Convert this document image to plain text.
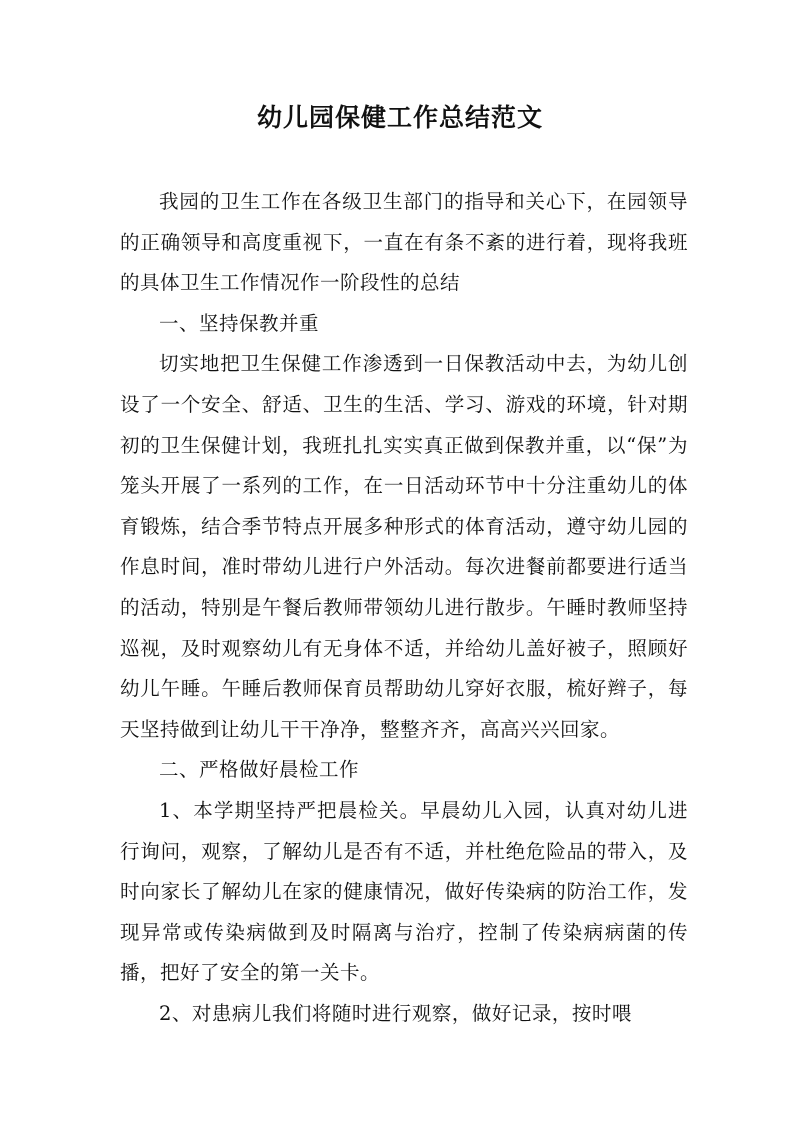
幼儿园保健工作总结范文

我园的卫生工作在各级卫生部门的指导和关心下，在园领导的正确领导和高度重视下，一直在有条不紊的进行着，现将我班的具体卫生工作情况作一阶段性的总结

一、坚持保教并重

切实地把卫生保健工作渗透到一日保教活动中去，为幼儿创设了一个安全、舒适、卫生的生活、学习、游戏的环境，针对期初的卫生保健计划，我班扎扎实实真正做到保教并重，以“保”为笼头开展了一系列的工作，在一日活动环节中十分注重幼儿的体育锻炼，结合季节特点开展多种形式的体育活动，遵守幼儿园的作息时间，准时带幼儿进行户外活动。每次进餐前都要进行适当的活动，特别是午餐后教师带领幼儿进行散步。午睡时教师坚持巡视，及时观察幼儿有无身体不适，并给幼儿盖好被子，照顾好幼儿午睡。午睡后教师保育员帮助幼儿穿好衣服，梳好辫子，每天坚持做到让幼儿干干净净，整整齐齐，高高兴兴回家。

二、严格做好晨检工作

1、本学期坚持严把晨检关。早晨幼儿入园，认真对幼儿进行询问，观察，了解幼儿是否有不适，并杜绝危险品的带入，及时向家长了解幼儿在家的健康情况，做好传染病的防治工作，发现异常或传染病做到及时隔离与治疗，控制了传染病病菌的传播，把好了安全的第一关卡。

2、对患病儿我们将随时进行观察，做好记录，按时喂
